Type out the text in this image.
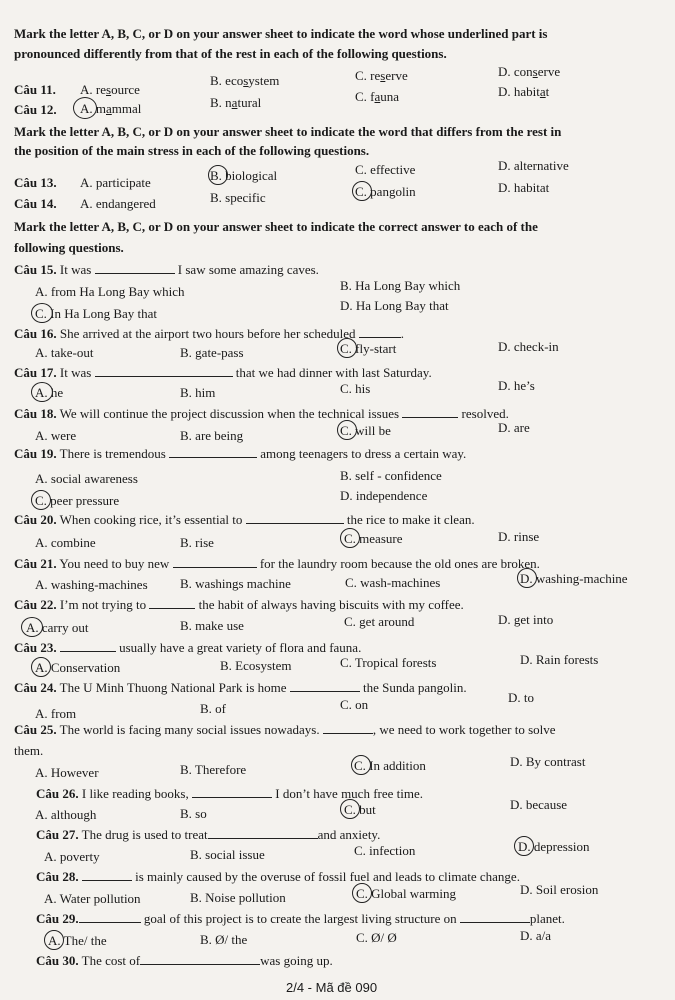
Mark the letter A, B, C, or D on your answer sheet to indicate the word whose underlined part is
pronounced differently from that of the rest in each of the following questions.
Câu 11. A. resource
B. ecosystem	C. reserve	D. conserve
Câu 12. A. mammal	B. natural	C. fauna	D. habitat
Mark the letter A, B, C, or D on your answer sheet to indicate the word that differs from the rest in
the position of the main stress in each of the following questions.
Câu 13. A. participate	B. biological	C. effective	D. alternative
Câu 14. A. endangered	B. specific	C. pangolin	D. habitat
Mark the letter A, B, C, or D on your answer sheet to indicate the correct answer to each of the
following questions.
Câu 15. It was	I saw some amazing caves.
A. from Ha Long Bay which	B. Ha Long Bay which
C. In Ha Long Bay that
D. Ha Long Bay that
Câu 16. She arrived at the airport two hours before her scheduled	.
A. take-out	B. gate-pass	C. fly-start	D. check-in
Câu 17. It was	that we had dinner with last Saturday.
A. he	B. him	C. his	D. he’s
Câu 18. We will continue the project discussion when the technical issues	resolved.
A. were	B. are being	C. will be	D. are
Câu 19. There is tremendous	among teenagers to dress a certain way.
A. social awareness	B. self - confidence
C. peer pressure	D. independence
Câu 20. When cooking rice, it’s essential to	the rice to make it clean.
A. combine	B. rise	C. measure	D. rinse
Câu 21. You need to buy new	for the laundry room because the old ones are broken.
A. washing-machines B. washings machine	C. wash-machines	D. washing-machine
Câu 22. I’m not trying to	the habit of always having biscuits with my coffee.
A. carry out	B. make use	C. get around	D. get into
Câu 23.	usually have a great variety of flora and fauna.
A. Conservation	B. Ecosystem	C. Tropical forests	D. Rain forests
Câu 24. The U Minh Thuong National Park is home	the Sunda pangolin.
A. from	B. of	C. on	D. to
Câu 25. The world is facing many social issues nowadays.	, we need to work together to solve
them.
A. However	B. Therefore	C. In addition	D. By contrast
Câu 26. I like reading books,	I don’t have much free time.
A. although	B. so	C. but	D. because
Câu 27. The drug is used to treat	and anxiety.
A. poverty	B. social issue	C. infection	D. depression
Câu 28.	is mainly caused by the overuse of fossil fuel and leads to climate change.
A. Water pollution	B. Noise pollution	C. Global warming	D. Soil erosion
Câu 29.	goal of this project is to create the largest living structure on	planet.
A. The/ the	B. Ø/ the	C. Ø/ Ø	D. a/a
Câu 30. The cost of	was going up.
2/4 - Mã đề 090
